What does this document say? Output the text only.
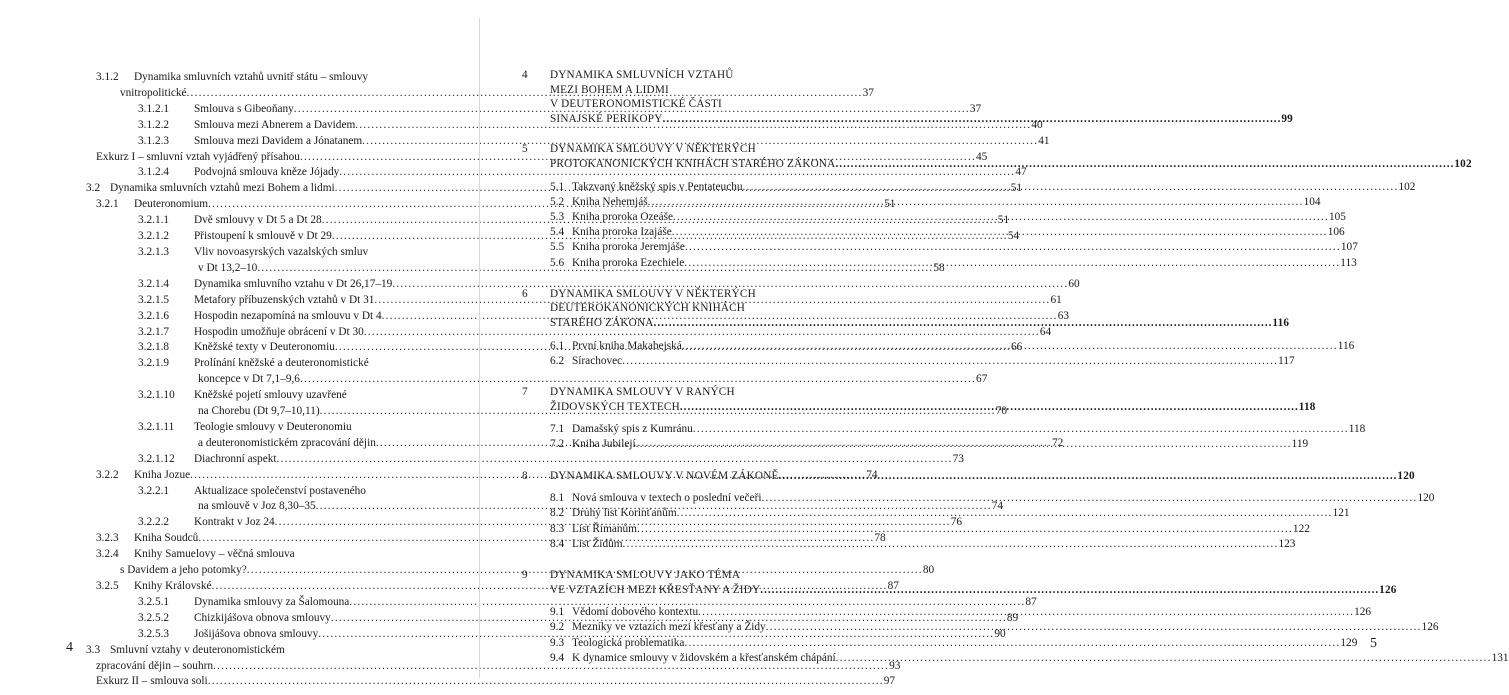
3.1.2	Dynamika smluvních vztahů uvnitř státu – smlouvy
vnitropolitické .....	37
3.1.2.1	Smlouva s Gibeoňany .....	37
3.1.2.2	Smlouva mezi Abnerem a Davidem .....	40
3.1.2.3	Smlouva mezi Davidem a Jónatanem .....	41
Exkurz I – smluvní vztah vyjádřený přísahou .....	45
3.1.2.4	Podvojná smlouva kněze Jójady .....	47
3.2 Dynamika smluvních vztahů mezi Bohem a lidmi .....	51
3.2.1	Deuteronomium .....	51
3.2.1.1	Dvě smlouvy v Dt 5 a Dt 28 .....	51
3.2.1.2	Přistoupení k smlouvě v Dt 29 .....	54
3.2.1.3	Vliv novoasyrských vazalských smluv
v Dt 13,2–10 .....	58
3.2.1.4	Dynamika smluvního vztahu v Dt 26,17–19 .....	60
3.2.1.5	Metafory příbuzenských vztahů v Dt 31 .....	61
3.2.1.6	Hospodin nezapomíná na smlouvu v Dt 4 .....	63
3.2.1.7	Hospodin umožňuje obrácení v Dt 30 .....	64
3.2.1.8	Kněžské texty v Deuteronomiu .....	66
3.2.1.9	Prolínání kněžské a deuteronomistické
koncepce v Dt 7,1–9,6 .....	67
3.2.1.10	Kněžské pojetí smlouvy uzavřené
na Chorebu (Dt 9,7–10,11) .....	70
3.2.1.11	Teologie smlouvy v Deuteronomiu
a deuteronomistickém zpracování dějin .....	72
3.2.1.12	Diachronní aspekt .....	73
3.2.2	Kniha Jozue .....	74
3.2.2.1	Aktualizace společenství postaveného
na smlouvě v Joz 8,30–35 .....	74
3.2.2.2	Kontrakt v Joz 24 .....	76
3.2.3	Kniha Soudců .....	78
3.2.4	Knihy Samuelovy – věčná smlouva
s Davidem a jeho potomky? .....	80
3.2.5	Knihy Královské .....	87
3.2.5.1	Dynamika smlouvy za Šalomouna .....	87
3.2.5.2	Chizkijášova obnova smlouvy .....	89
3.2.5.3	Jošijášova obnova smlouvy .....	90
3.3 Smluvní vztahy v deuteronomistickém
zpracování dějin – souhrn .....	93
Exkurz II – smlouva soli .....	97
4
4	DYNAMIKA SMLUVNÍCH VZTAHŮ
MEZI BOHEM A LIDMI
V DEUTERONOMISTICKÉ ČÁSTI
SINAJSKÉ PERIKOPY .....	99
5	DYNAMIKA SMLOUVY V NĚKTERÝCH
PROTOKANONICKÝCH KNIHÁCH STARÉHO ZÁKONA .....	102
5.1 Takzvaný kněžský spis v Pentateuchu .....	102
5.2 Kniha Nehemjáš .....	104
5.3 Kniha proroka Ozeáše .....	105
5.4 Kniha proroka Izajáše .....	106
5.5 Kniha proroka Jeremjáše .....	107
5.6 Kniha proroka Ezechiele .....	113
6	DYNAMIKA SMLOUVY V NĚKTERÝCH
DEUTEROKANONICKÝCH KNIHÁCH
STARÉHO ZÁKONA .....	116
6.1 První kniha Makabejská .....	116
6.2 Sírachovec .....	117
7	DYNAMIKA SMLOUVY V RANÝCH
ŽIDOVSKÝCH TEXTECH .....	118
7.1 Damašský spis z Kumránu .....	118
7.2 Kniha Jubilejí .....	119
8	DYNAMIKA SMLOUVY V NOVÉM ZÁKONĚ .....	120
8.1 Nová smlouva v textech o poslední večeři .....	120
8.2 Druhý list Korinťanům .....	121
8.3 List Římanům .....	122
8.4 List Židům .....	123
9	DYNAMIKA SMLOUVY JAKO TÉMA
VE VZTAZÍCH MEZI KŘESŤANY A ŽIDY .....	126
9.1 Vědomí dobového kontextu .....	126
9.2 Mezníky ve vztazích mezi křesťany a Židy .....	126
9.3 Teologická problematika .....	129
9.4 K dynamice smlouvy v židovském a křesťanském chápání .....	131
5
